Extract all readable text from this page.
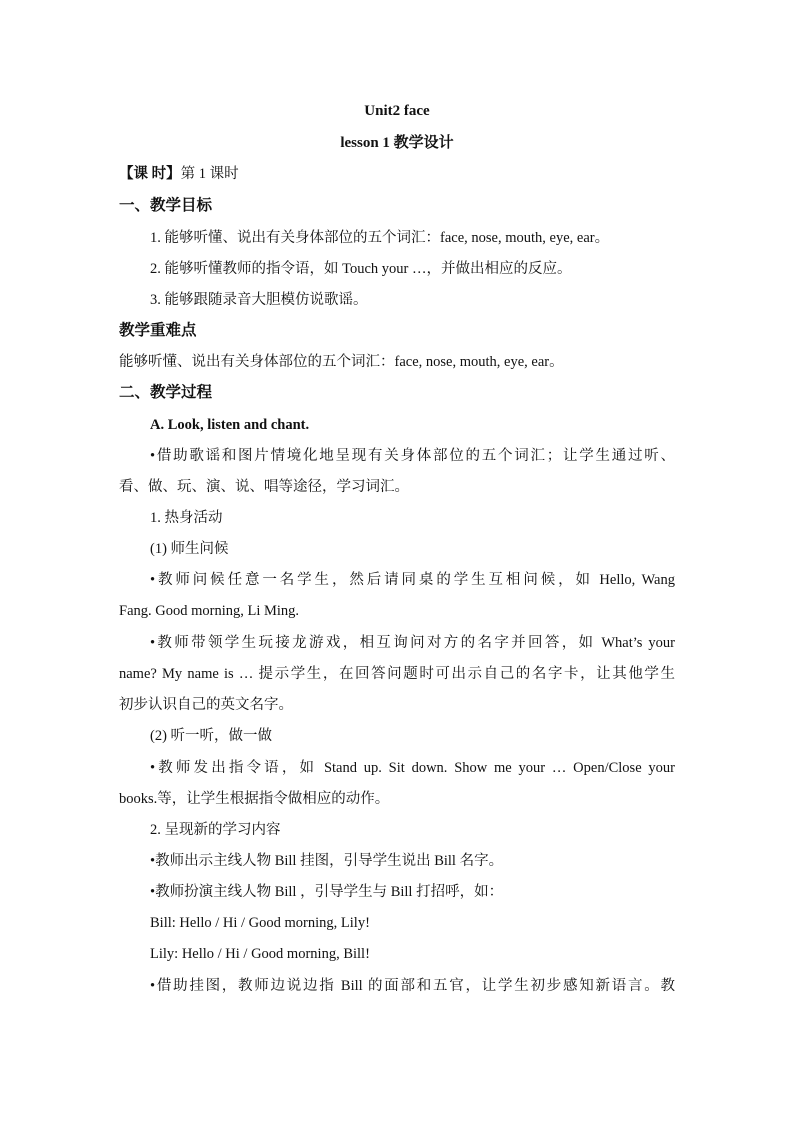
Unit2 face
lesson 1 教学设计
【课 时】第 1 课时
一、教学目标
1. 能够听懂、说出有关身体部位的五个词汇：face, nose, mouth, eye, ear。
2. 能够听懂教师的指令语，如 Touch your …，并做出相应的反应。
3. 能够跟随录音大胆模仿说歌谣。
教学重难点
能够听懂、说出有关身体部位的五个词汇：face, nose, mouth, eye, ear。
二、教学过程
A. Look, listen and chant.
•借助歌谣和图片情境化地呈现有关身体部位的五个词汇；让学生通过听、
看、做、玩、演、说、唱等途径，学习词汇。
1. 热身活动
(1) 师生问候
•教师问候任意一名学生，然后请同桌的学生互相问候，如 Hello, Wang
Fang. Good morning, Li Ming.
•教师带领学生玩接龙游戏，相互询问对方的名字并回答，如 What’s your
name? My name is … 提示学生，在回答问题时可出示自己的名字卡，让其他学生
初步认识自己的英文名字。
(2) 听一听，做一做
•教师发出指令语，如 Stand up. Sit down. Show me your … Open/Close your
books.等，让学生根据指令做相应的动作。
2. 呈现新的学习内容
•教师出示主线人物 Bill 挂图，引导学生说出 Bill 名字。
•教师扮演主线人物 Bill ，引导学生与 Bill 打招呼，如：
Bill: Hello / Hi / Good morning, Lily!
Lily: Hello / Hi / Good morning, Bill!
•借助挂图，教师边说边指 Bill 的面部和五官，让学生初步感知新语言。教
